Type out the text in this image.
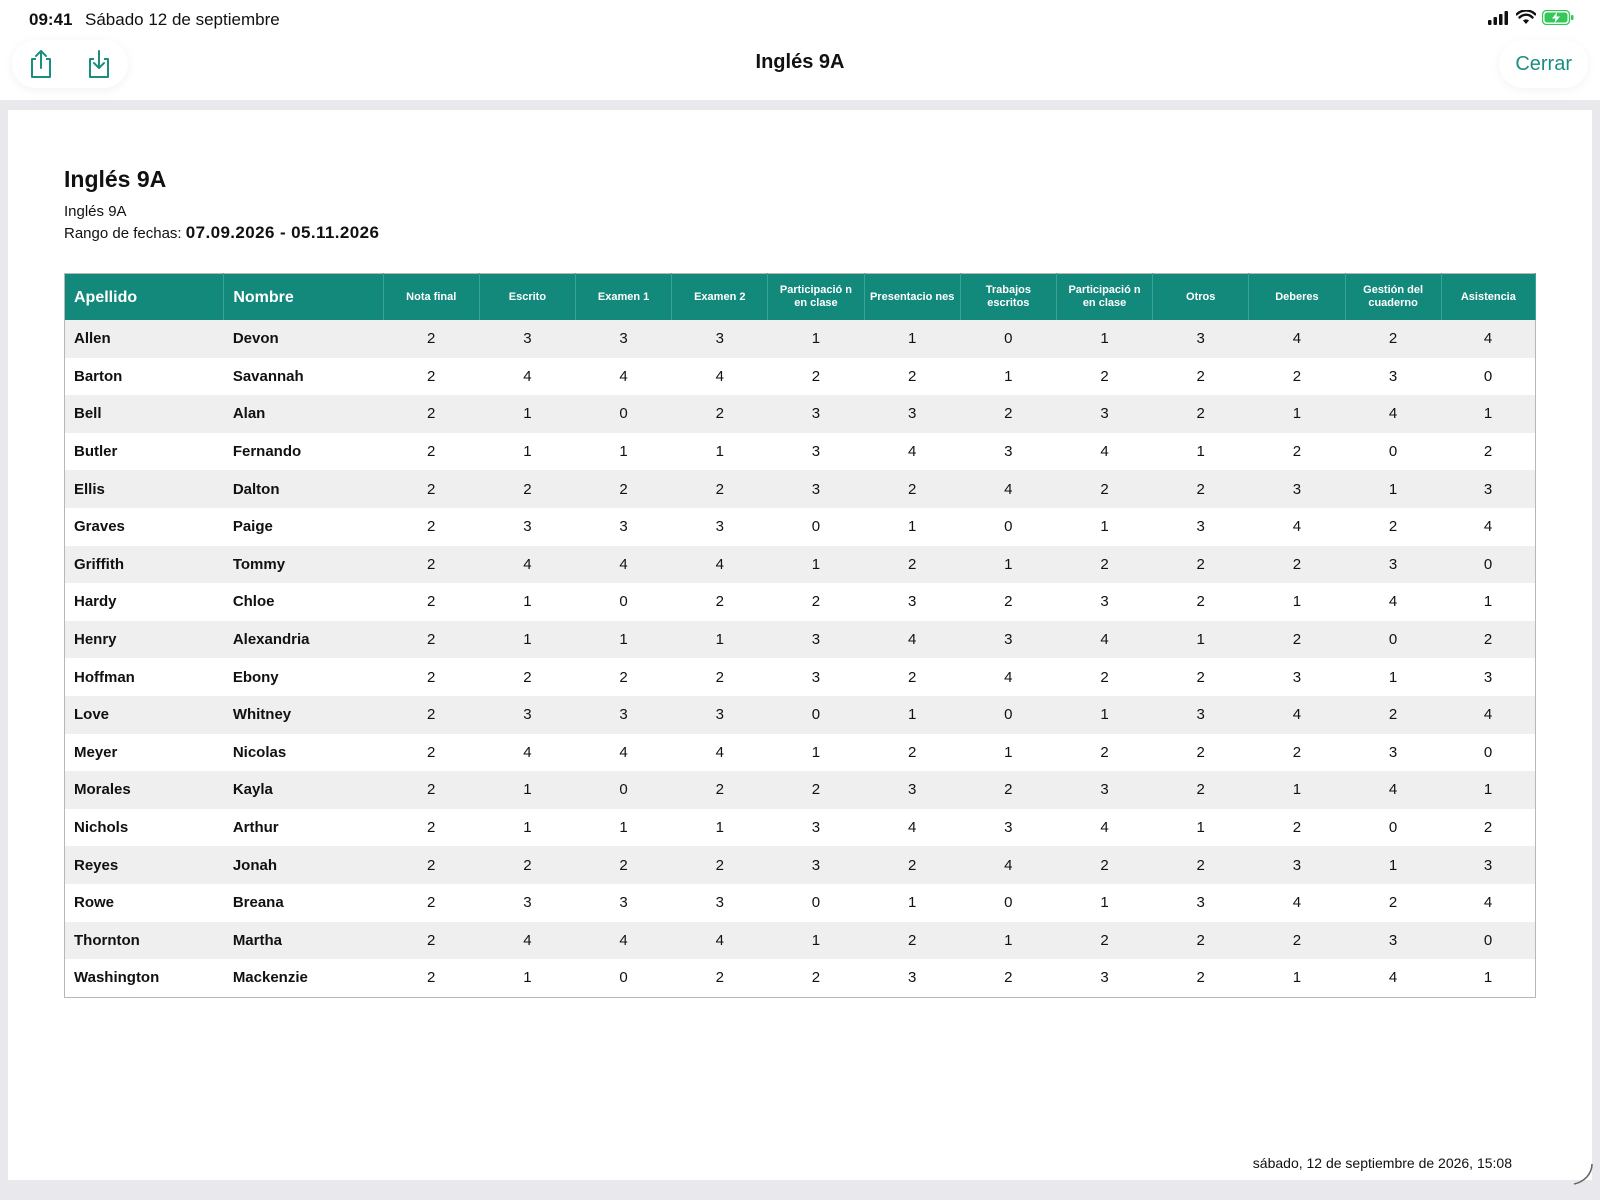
09:41 Sábado 12 de septiembre
Inglés 9A	Cerrar
Inglés 9A
Inglés 9A
Rango de fechas: 07.09.2026 - 05.11.2026
Apellido	Nombre	Nota final	Escrito	Examen 1	Examen 2	Participació n en clase	Presentacio nes	Trabajos escritos	Participació n en clase	Otros	Deberes	Gestión del cuaderno	Asistencia
Allen	Devon	2	3	3	3	1	1	0	1	3	4	2	4
Barton	Savannah	2	4	4	4	2	2	1	2	2	2	3	0
Bell	Alan	2	1	0	2	3	3	2	3	2	1	4	1
Butler	Fernando	2	1	1	1	3	4	3	4	1	2	0	2
Ellis	Dalton	2	2	2	2	3	2	4	2	2	3	1	3
Graves	Paige	2	3	3	3	0	1	0	1	3	4	2	4
Griffith	Tommy	2	4	4	4	1	2	1	2	2	2	3	0
Hardy	Chloe	2	1	0	2	2	3	2	3	2	1	4	1
Henry	Alexandria	2	1	1	1	3	4	3	4	1	2	0	2
Hoffman	Ebony	2	2	2	2	3	2	4	2	2	3	1	3
Love	Whitney	2	3	3	3	0	1	0	1	3	4	2	4
Meyer	Nicolas	2	4	4	4	1	2	1	2	2	2	3	0
Morales	Kayla	2	1	0	2	2	3	2	3	2	1	4	1
Nichols	Arthur	2	1	1	1	3	4	3	4	1	2	0	2
Reyes	Jonah	2	2	2	2	3	2	4	2	2	3	1	3
Rowe	Breana	2	3	3	3	0	1	0	1	3	4	2	4
Thornton	Martha	2	4	4	4	1	2	1	2	2	2	3	0
Washington	Mackenzie	2	1	0	2	2	3	2	3	2	1	4	1
sábado, 12 de septiembre de 2026, 15:08
